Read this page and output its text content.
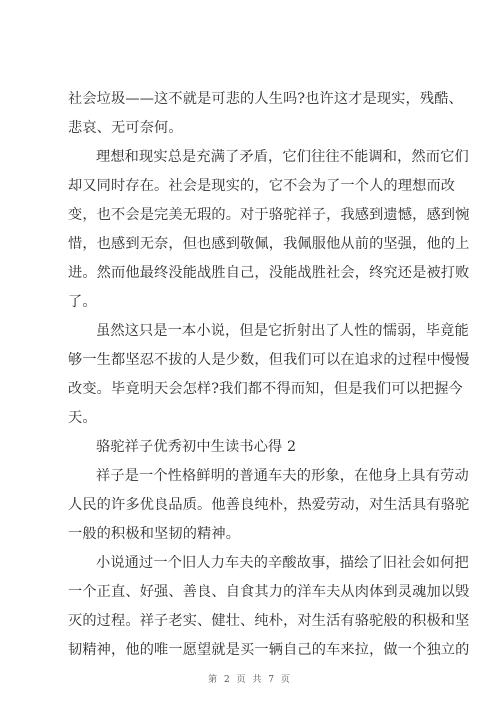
社会垃圾——这不就是可悲的人生吗?也许这才是现实，残酷、
悲哀、无可奈何。
理想和现实总是充满了矛盾，它们往往不能调和，然而它们
却又同时存在。社会是现实的，它不会为了一个人的理想而改
变，也不会是完美无瑕的。对于骆驼祥子，我感到遗憾，感到惋
惜，也感到无奈，但也感到敬佩，我佩服他从前的坚强，他的上
进。然而他最终没能战胜自己，没能战胜社会，终究还是被打败
了。
虽然这只是一本小说，但是它折射出了人性的懦弱，毕竟能
够一生都坚忍不拔的人是少数，但我们可以在追求的过程中慢慢
改变。毕竟明天会怎样?我们都不得而知，但是我们可以把握今
天。
骆驼祥子优秀初中生读书心得 2
祥子是一个性格鲜明的普通车夫的形象，在他身上具有劳动
人民的许多优良品质。他善良纯朴，热爱劳动，对生活具有骆驼
一般的积极和坚韧的精神。
小说通过一个旧人力车夫的辛酸故事，描绘了旧社会如何把
一个正直、好强、善良、自食其力的洋车夫从肉体到灵魂加以毁
灭的过程。祥子老实、健壮、纯朴，对生活有骆驼般的积极和坚
韧精神，他的唯一愿望就是买一辆自己的车来拉，做一个独立的
第 2 页 共 7 页
